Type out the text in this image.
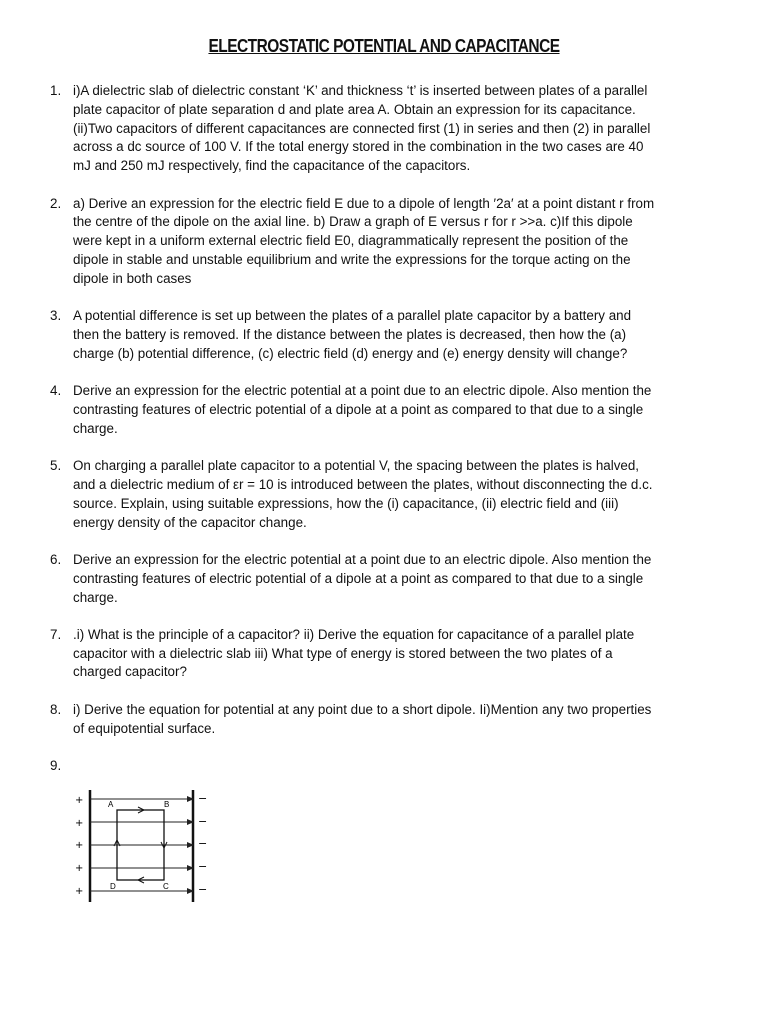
ELECTROSTATIC POTENTIAL AND CAPACITANCE
1. i)A dielectric slab of dielectric constant ‘K’ and thickness ‘t’ is inserted between plates of a parallel
plate capacitor of plate separation d and plate area A. Obtain an expression for its capacitance.
(ii)Two capacitors of different capacitances are connected first (1) in series and then (2) in parallel
across a dc source of 100 V. If the total energy stored in the combination in the two cases are 40
mJ and 250 mJ respectively, find the capacitance of the capacitors.
2. a) Derive an expression for the electric field E due to a dipole of length ′2a′ at a point distant r from
the centre of the dipole on the axial line. b) Draw a graph of E versus r for r >>a. c)If this dipole
were kept in a uniform external electric field E0, diagrammatically represent the position of the
dipole in stable and unstable equilibrium and write the expressions for the torque acting on the
dipole in both cases
3. A potential difference is set up between the plates of a parallel plate capacitor by a battery and
then the battery is removed. If the distance between the plates is decreased, then how the (a)
charge (b) potential difference, (c) electric field (d) energy and (e) energy density will change?
4. Derive an expression for the electric potential at a point due to an electric dipole. Also mention the
contrasting features of electric potential of a dipole at a point as compared to that due to a single
charge.
5. On charging a parallel plate capacitor to a potential V, the spacing between the plates is halved,
and a dielectric medium of εr = 10 is introduced between the plates, without disconnecting the d.c.
source. Explain, using suitable expressions, how the (i) capacitance, (ii) electric field and (iii)
energy density of the capacitor change.
6. Derive an expression for the electric potential at a point due to an electric dipole. Also mention the
contrasting features of electric potential of a dipole at a point as compared to that due to a single
charge.
7. .i) What is the principle of a capacitor? ii) Derive the equation for capacitance of a parallel plate
capacitor with a dielectric slab iii) What type of energy is stored between the two plates of a
charged capacitor?
8. i) Derive the equation for potential at any point due to a short dipole. Ii)Mention any two properties
of equipotential surface.
9.
+
+
+
+
+
−
−
−
−
−
A	B
C
D
